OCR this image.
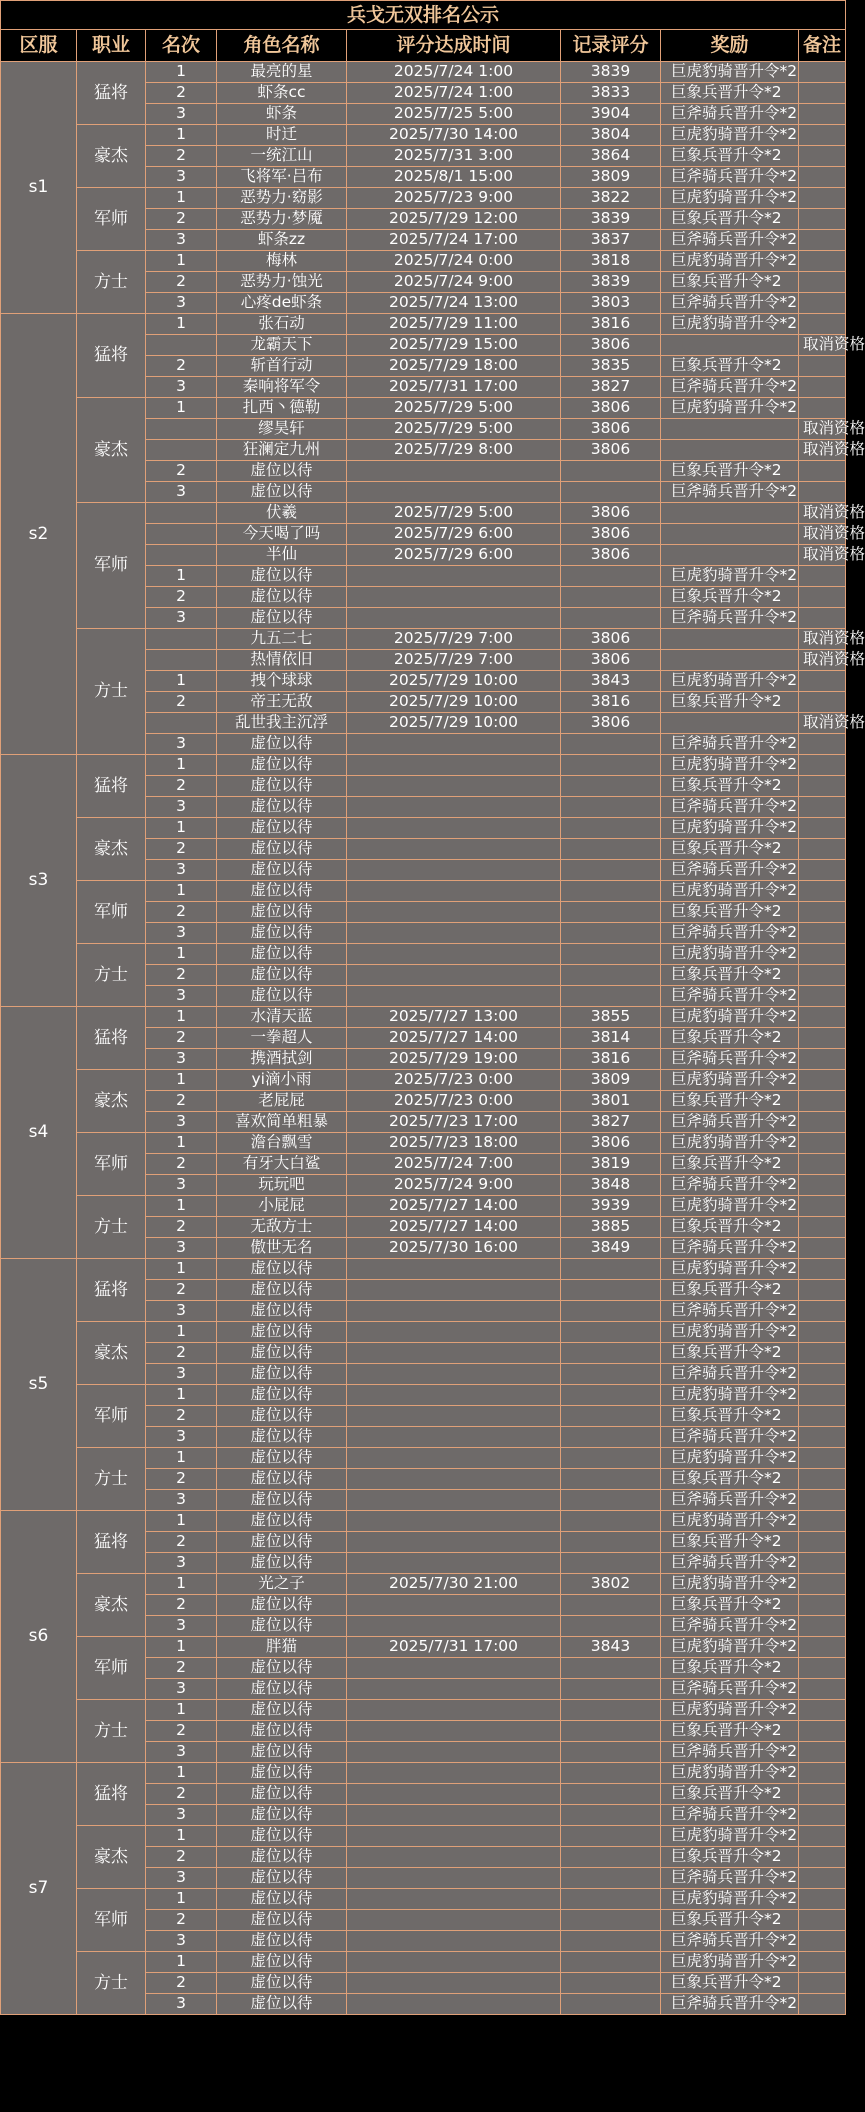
兵戈无双排名公示							
区服	职业	名次	角色名称	评分达成时间	记录评分	奖励	备注
s1	猛将	1	最亮的星	2025/7/24 1:00	3839	巨虎豹骑晋升令*2	
		2	虾条cc	2025/7/24 1:00	3833	巨象兵晋升令*2	
		3	虾条	2025/7/25 5:00	3904	巨斧骑兵晋升令*2	
	豪杰	1	时迁	2025/7/30 14:00	3804	巨虎豹骑晋升令*2	
		2	一统江山	2025/7/31 3:00	3864	巨象兵晋升令*2	
		3	飞将军·吕布	2025/8/1 15:00	3809	巨斧骑兵晋升令*2	
	军师	1	恶势力·窈影	2025/7/23 9:00	3822	巨虎豹骑晋升令*2	
		2	恶势力·梦魇	2025/7/29 12:00	3839	巨象兵晋升令*2	
		3	虾条zz	2025/7/24 17:00	3837	巨斧骑兵晋升令*2	
	方士	1	梅林	2025/7/24 0:00	3818	巨虎豹骑晋升令*2	
		2	恶势力·蚀光	2025/7/24 9:00	3839	巨象兵晋升令*2	
		3	心疼de虾条	2025/7/24 13:00	3803	巨斧骑兵晋升令*2	
s2	猛将	1	张石动	2025/7/29 11:00	3816	巨虎豹骑晋升令*2	
			龙霸天下	2025/7/29 15:00	3806		取消资格
		2	斩首行动	2025/7/29 18:00	3835	巨象兵晋升令*2	
		3	秦响将军令	2025/7/31 17:00	3827	巨斧骑兵晋升令*2	
	豪杰	1	扎西丶德勒	2025/7/29 5:00	3806	巨虎豹骑晋升令*2	
			缪昊轩	2025/7/29 5:00	3806		取消资格
			狂澜定九州	2025/7/29 8:00	3806		取消资格
		2	虚位以待			巨象兵晋升令*2	
		3	虚位以待			巨斧骑兵晋升令*2	
	军师		伏羲	2025/7/29 5:00	3806		取消资格
			今天喝了吗	2025/7/29 6:00	3806		取消资格
			半仙	2025/7/29 6:00	3806		取消资格
		1	虚位以待			巨虎豹骑晋升令*2	
		2	虚位以待			巨象兵晋升令*2	
		3	虚位以待			巨斧骑兵晋升令*2	
	方士		九五二七	2025/7/29 7:00	3806		取消资格
			热情依旧	2025/7/29 7:00	3806		取消资格
		1	拽个球球	2025/7/29 10:00	3843	巨虎豹骑晋升令*2	
		2	帝王无敌	2025/7/29 10:00	3816	巨象兵晋升令*2	
			乱世我主沉浮	2025/7/29 10:00	3806		取消资格
		3	虚位以待			巨斧骑兵晋升令*2	
s3	猛将	1	虚位以待			巨虎豹骑晋升令*2	
		2	虚位以待			巨象兵晋升令*2	
		3	虚位以待			巨斧骑兵晋升令*2	
	豪杰	1	虚位以待			巨虎豹骑晋升令*2	
		2	虚位以待			巨象兵晋升令*2	
		3	虚位以待			巨斧骑兵晋升令*2	
	军师	1	虚位以待			巨虎豹骑晋升令*2	
		2	虚位以待			巨象兵晋升令*2	
		3	虚位以待			巨斧骑兵晋升令*2	
	方士	1	虚位以待			巨虎豹骑晋升令*2	
		2	虚位以待			巨象兵晋升令*2	
		3	虚位以待			巨斧骑兵晋升令*2	
s4	猛将	1	水清天蓝	2025/7/27 13:00	3855	巨虎豹骑晋升令*2	
		2	一拳超人	2025/7/27 14:00	3814	巨象兵晋升令*2	
		3	携酒拭剑	2025/7/29 19:00	3816	巨斧骑兵晋升令*2	
	豪杰	1	yi滴小雨	2025/7/23 0:00	3809	巨虎豹骑晋升令*2	
		2	老屁屁	2025/7/23 0:00	3801	巨象兵晋升令*2	
		3	喜欢简单粗暴	2025/7/23 17:00	3827	巨斧骑兵晋升令*2	
	军师	1	澹台飘雪	2025/7/23 18:00	3806	巨虎豹骑晋升令*2	
		2	有牙大白鲨	2025/7/24 7:00	3819	巨象兵晋升令*2	
		3	玩玩吧	2025/7/24 9:00	3848	巨斧骑兵晋升令*2	
	方士	1	小屁屁	2025/7/27 14:00	3939	巨虎豹骑晋升令*2	
		2	无敌方士	2025/7/27 14:00	3885	巨象兵晋升令*2	
		3	傲世无名	2025/7/30 16:00	3849	巨斧骑兵晋升令*2	
s5	猛将	1	虚位以待			巨虎豹骑晋升令*2	
		2	虚位以待			巨象兵晋升令*2	
		3	虚位以待			巨斧骑兵晋升令*2	
	豪杰	1	虚位以待			巨虎豹骑晋升令*2	
		2	虚位以待			巨象兵晋升令*2	
		3	虚位以待			巨斧骑兵晋升令*2	
	军师	1	虚位以待			巨虎豹骑晋升令*2	
		2	虚位以待			巨象兵晋升令*2	
		3	虚位以待			巨斧骑兵晋升令*2	
	方士	1	虚位以待			巨虎豹骑晋升令*2	
		2	虚位以待			巨象兵晋升令*2	
		3	虚位以待			巨斧骑兵晋升令*2	
s6	猛将	1	虚位以待			巨虎豹骑晋升令*2	
		2	虚位以待			巨象兵晋升令*2	
		3	虚位以待			巨斧骑兵晋升令*2	
	豪杰	1	光之子	2025/7/30 21:00	3802	巨虎豹骑晋升令*2	
		2	虚位以待			巨象兵晋升令*2	
		3	虚位以待			巨斧骑兵晋升令*2	
	军师	1	胖猫	2025/7/31 17:00	3843	巨虎豹骑晋升令*2	
		2	虚位以待			巨象兵晋升令*2	
		3	虚位以待			巨斧骑兵晋升令*2	
	方士	1	虚位以待			巨虎豹骑晋升令*2	
		2	虚位以待			巨象兵晋升令*2	
		3	虚位以待			巨斧骑兵晋升令*2	
s7	猛将	1	虚位以待			巨虎豹骑晋升令*2	
		2	虚位以待			巨象兵晋升令*2	
		3	虚位以待			巨斧骑兵晋升令*2	
	豪杰	1	虚位以待			巨虎豹骑晋升令*2	
		2	虚位以待			巨象兵晋升令*2	
		3	虚位以待			巨斧骑兵晋升令*2	
	军师	1	虚位以待			巨虎豹骑晋升令*2	
		2	虚位以待			巨象兵晋升令*2	
		3	虚位以待			巨斧骑兵晋升令*2	
	方士	1	虚位以待			巨虎豹骑晋升令*2	
		2	虚位以待			巨象兵晋升令*2	
		3	虚位以待			巨斧骑兵晋升令*2	
